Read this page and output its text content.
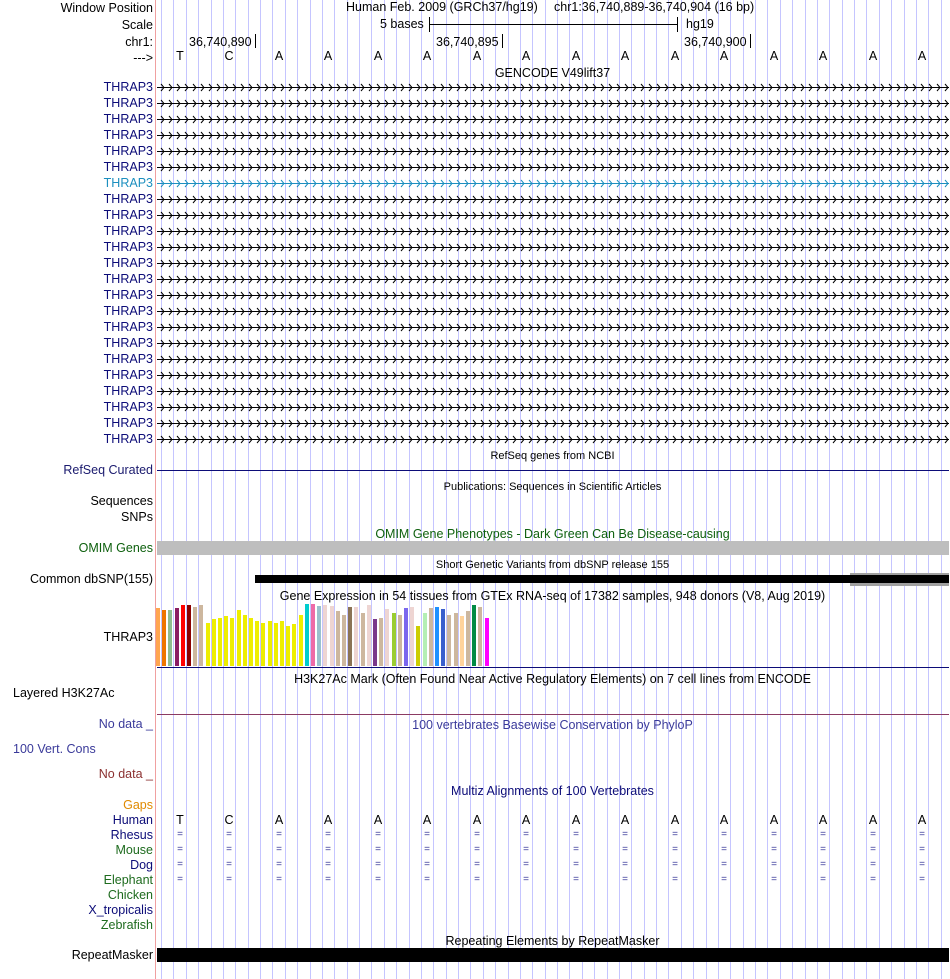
Window Position	Human Feb. 2009 (GRCh37/hg19) chr1:36,740,889-36,740,904 (16 bp)
Scale	5 bases	hg19
chr1:	36,740,890	36,740,895	36,740,900
--->	T	C	A	A	A	A	A	A	A	A	A	A	A	A	A	A
GENCODE V49lift37
THRAP3
THRAP3
THRAP3
THRAP3
THRAP3
THRAP3
THRAP3
THRAP3
THRAP3
THRAP3
THRAP3
THRAP3
THRAP3
THRAP3
THRAP3
THRAP3
THRAP3
THRAP3
THRAP3
THRAP3
THRAP3
THRAP3
THRAP3
RefSeq genes from NCBI
RefSeq Curated
Publications: Sequences in Scientific Articles
Sequences
SNPs
OMIM Gene Phenotypes - Dark Green Can Be Disease-causing
OMIM Genes
Short Genetic Variants from dbSNP release 155
Common dbSNP(155)
Gene Expression in 54 tissues from GTEx RNA-seq of 17382 samples, 948 donors (V8, Aug 2019)
THRAP3
H3K27Ac Mark (Often Found Near Active Regulatory Elements) on 7 cell lines from ENCODE
Layered H3K27Ac
No data _	100 vertebrates Basewise Conservation by PhyloP
100 Vert. Cons
No data _
Multiz Alignments of 100 Vertebrates
Gaps
Human	T	C	A	A	A	A	A	A	A	A	A	A	A	A	A	A
Rhesus	=	=	=	=	=	=	=	=	=	=	=	=	=	=	=	=
Mouse	=	=	=	=	=	=	=	=	=	=	=	=	=	=	=	=
Dog	=	=	=	=	=	=	=	=	=	=	=	=	=	=	=	=
Elephant	=	=	=	=	=	=	=	=	=	=	=	=	=	=	=	=
Chicken
X_tropicalis
Zebrafish
Repeating Elements by RepeatMasker
RepeatMasker
